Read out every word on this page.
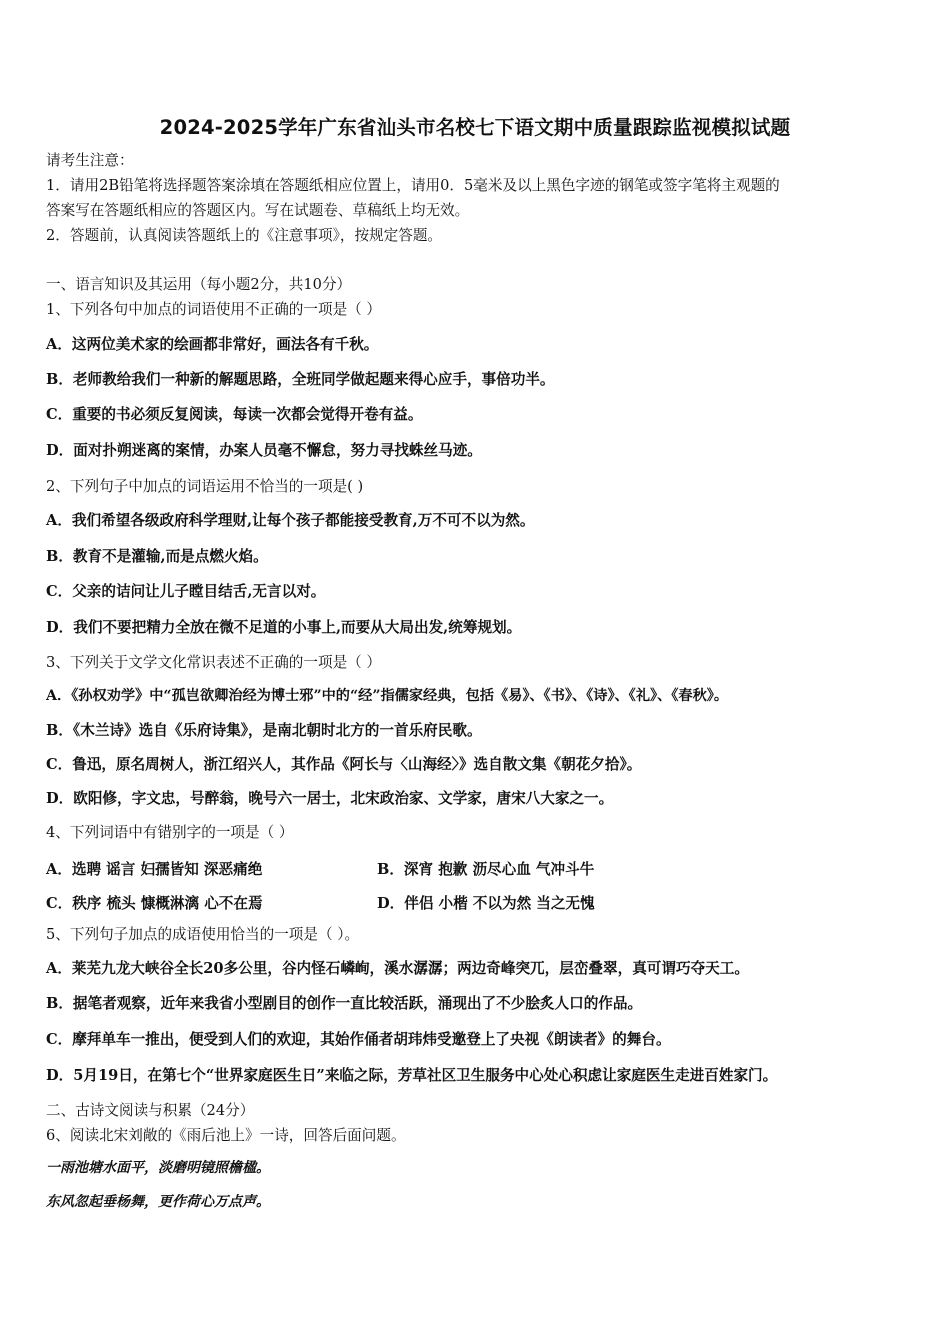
2024-2025学年广东省汕头市名校七下语文期中质量跟踪监视模拟试题
请考生注意：
1．请用2B铅笔将选择题答案涂填在答题纸相应位置上，请用0．5毫米及以上黑色字迹的钢笔或签字笔将主观题的
答案写在答题纸相应的答题区内。写在试题卷、草稿纸上均无效。
2．答题前，认真阅读答题纸上的《注意事项》，按规定答题。
一、语言知识及其运用（每小题2分，共10分）
1、下列各句中加点的词语使用不正确的一项是（ ）
A．这两位美术家的绘画都非常好，画法各有千秋。
B．老师教给我们一种新的解题思路，全班同学做起题来得心应手，事倍功半。
C．重要的书必须反复阅读，每读一次都会觉得开卷有益。
D．面对扑朔迷离的案情，办案人员毫不懈怠，努力寻找蛛丝马迹。
2、下列句子中加点的词语运用不恰当的一项是( )
A．我们希望各级政府科学理财,让每个孩子都能接受教育,万不可不以为然。
B．教育不是灌输,而是点燃火焰。
C．父亲的诘问让儿子瞠目结舌,无言以对。
D．我们不要把精力全放在微不足道的小事上,而要从大局出发,统筹规划。
3、下列关于文学文化常识表述不正确的一项是（ ）
A．《孙权劝学》中“孤岂欲卿治经为博士邪”中的“经”指儒家经典，包括《易》、《书》、《诗》、《礼》、《春秋》。
B．《木兰诗》选自《乐府诗集》，是南北朝时北方的一首乐府民歌。
C．鲁迅，原名周树人，浙江绍兴人，其作品《阿长与〈山海经〉》选自散文集《朝花夕拾》。
D．欧阳修，字文忠，号醉翁，晚号六一居士，北宋政治家、文学家，唐宋八大家之一。
4、下列词语中有错别字的一项是（ ）
A．选聘 谣言 妇孺皆知 深恶痛绝	B．深宵 抱歉 沥尽心血 气冲斗牛
C．秩序 梳头 慷概淋漓 心不在焉	D．伴侣 小楷 不以为然 当之无愧
5、下列句子加点的成语使用恰当的一项是（ ）。
A．莱芜九龙大峡谷全长20多公里，谷内怪石嶙峋，溪水潺潺；两边奇峰突兀，层峦叠翠，真可谓巧夺天工。
B．据笔者观察，近年来我省小型剧目的创作一直比较活跃，涌现出了不少脍炙人口的作品。
C．摩拜单车一推出，便受到人们的欢迎，其始作俑者胡玮炜受邀登上了央视《朗读者》的舞台。
D．5月19日，在第七个“世界家庭医生日”来临之际，芳草社区卫生服务中心处心积虑让家庭医生走进百姓家门。
二、古诗文阅读与积累（24分）
6、阅读北宋刘敞的《雨后池上》一诗，回答后面问题。
一雨池塘水面平，淡磨明镜照檐楹。
东风忽起垂杨舞，更作荷心万点声。
